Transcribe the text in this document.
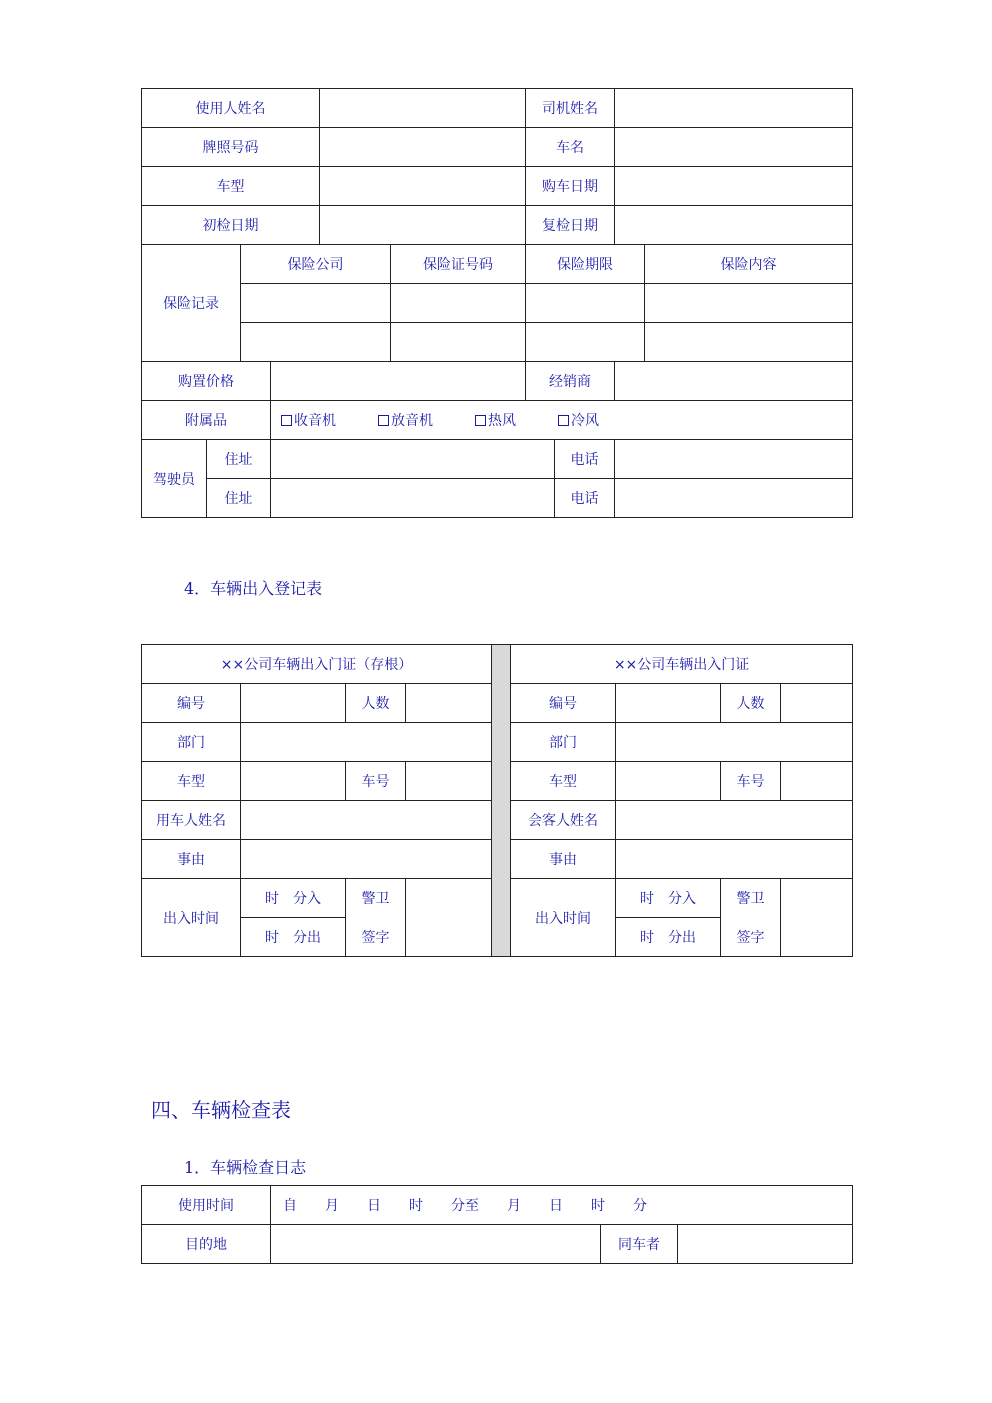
使用人姓名						司机姓名			
牌照号码						车名			
车型						购车日期			
初检日期						复检日期			
保险记录		保险公司			保险证号码	保险期限			保险内容

购置价格						经销商			
附属品			收音机 放音机 热风 冷风						
驾驶员	住址						电话		
	住址						电话		
4．车辆出入登记表
××公司车辆出入门证（存根）					××公司车辆出入门证			
编号		人数			编号		人数	
部门					部门			
车型		车号			车型		车号	
用车人姓名					会客人姓名			
事由					事由			
出入时间	时　分入	警卫			出入时间	时　分入	警卫	
	时　分出	签字				时　分出	签字	
四、车辆检查表
1．车辆检查日志
使用时间	自　　月　　日　　时　　分至　　月　　日　　时　　分		
目的地		同车者	
